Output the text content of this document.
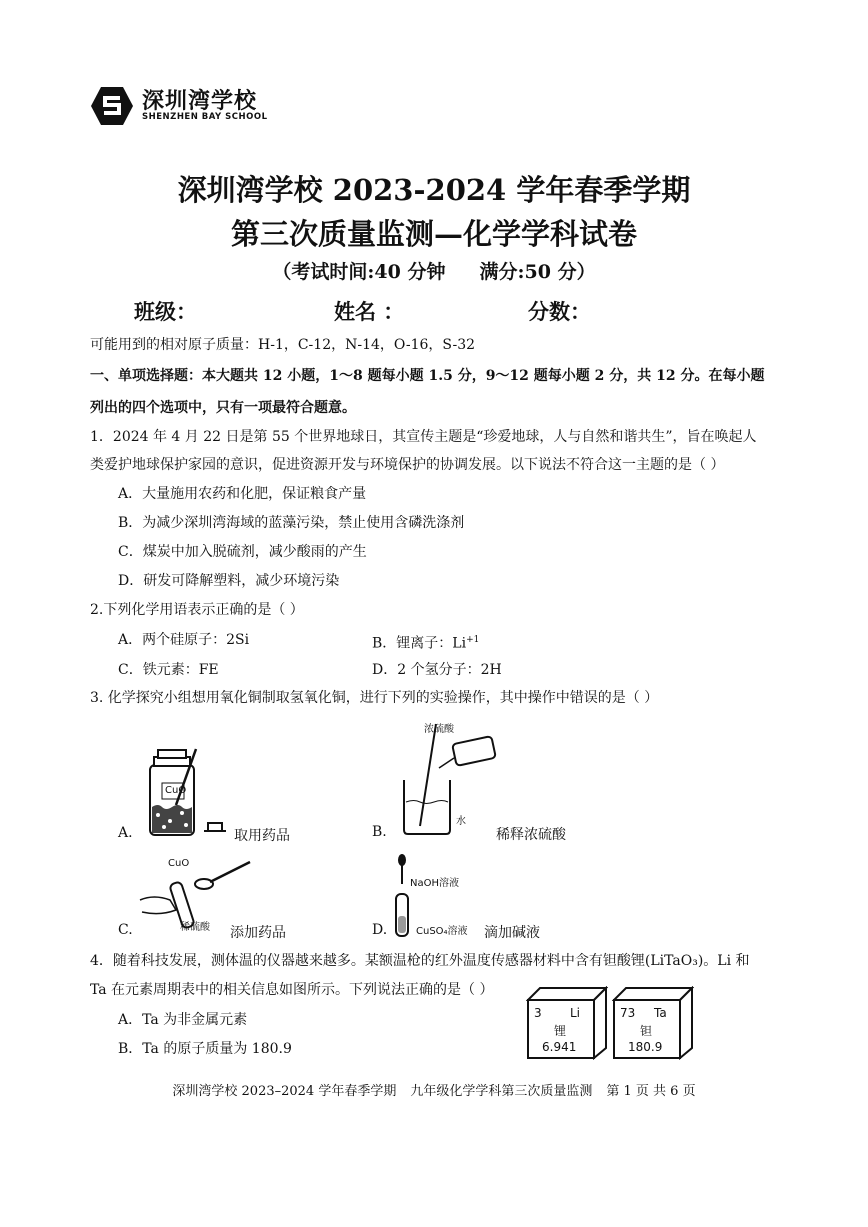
深圳湾学校
SHENZHEN BAY SCHOOL
深圳湾学校 2023-2024 学年春季学期
第三次质量监测—化学学科试卷
（考试时间:40 分钟 满分:50 分）
班级：	姓名 ：	分数：
可能用到的相对原子质量：H-1，C-12，N-14，O-16，S-32
一、单项选择题：本大题共 12 小题，1～8 题每小题 1.5 分，9～12 题每小题 2 分，共 12 分。在每小题
列出的四个选项中，只有一项最符合题意。
1．2024 年 4 月 22 日是第 55 个世界地球日，其宣传主题是“珍爱地球，人与自然和谐共生”，旨在唤起人
类爱护地球保护家园的意识，促进资源开发与环境保护的协调发展。以下说法不符合这一主题的是（ ）
A．大量施用农药和化肥，保证粮食产量
B．为减少深圳湾海域的蓝藻污染，禁止使用含磷洗涤剂
C．煤炭中加入脱硫剂，减少酸雨的产生
D．研发可降解塑料，减少环境污染
2.下列化学用语表示正确的是（ ）
A．两个硅原子：2Si	B．锂离子：$Li^{+1}$
C．铁元素：FE	D．2 个氢分子：2H
3. 化学探究小组想用氧化铜制取氢氧化铜，进行下列的实验操作，其中操作中错误的是（ ）
CuO
A.	取用药品
浓硫酸
水
B.	稀释浓硫酸
CuO
稀硫酸
C.	添加药品
NaOH溶液
CuSO₄溶液
D.	滴加碱液
4．随着科技发展，测体温的仪器越来越多。某额温枪的红外温度传感器材料中含有钽酸锂(LiTaO₃)。Li 和
Ta 在元素周期表中的相关信息如图所示。下列说法正确的是（ ）
A．Ta 为非金属元素
B．Ta 的原子质量为 180.9
3 Li
锂
6.941
73 Ta
钽
180.9
深圳湾学校 2023–2024 学年春季学期 九年级化学学科第三次质量监测 第 1 页 共 6 页
